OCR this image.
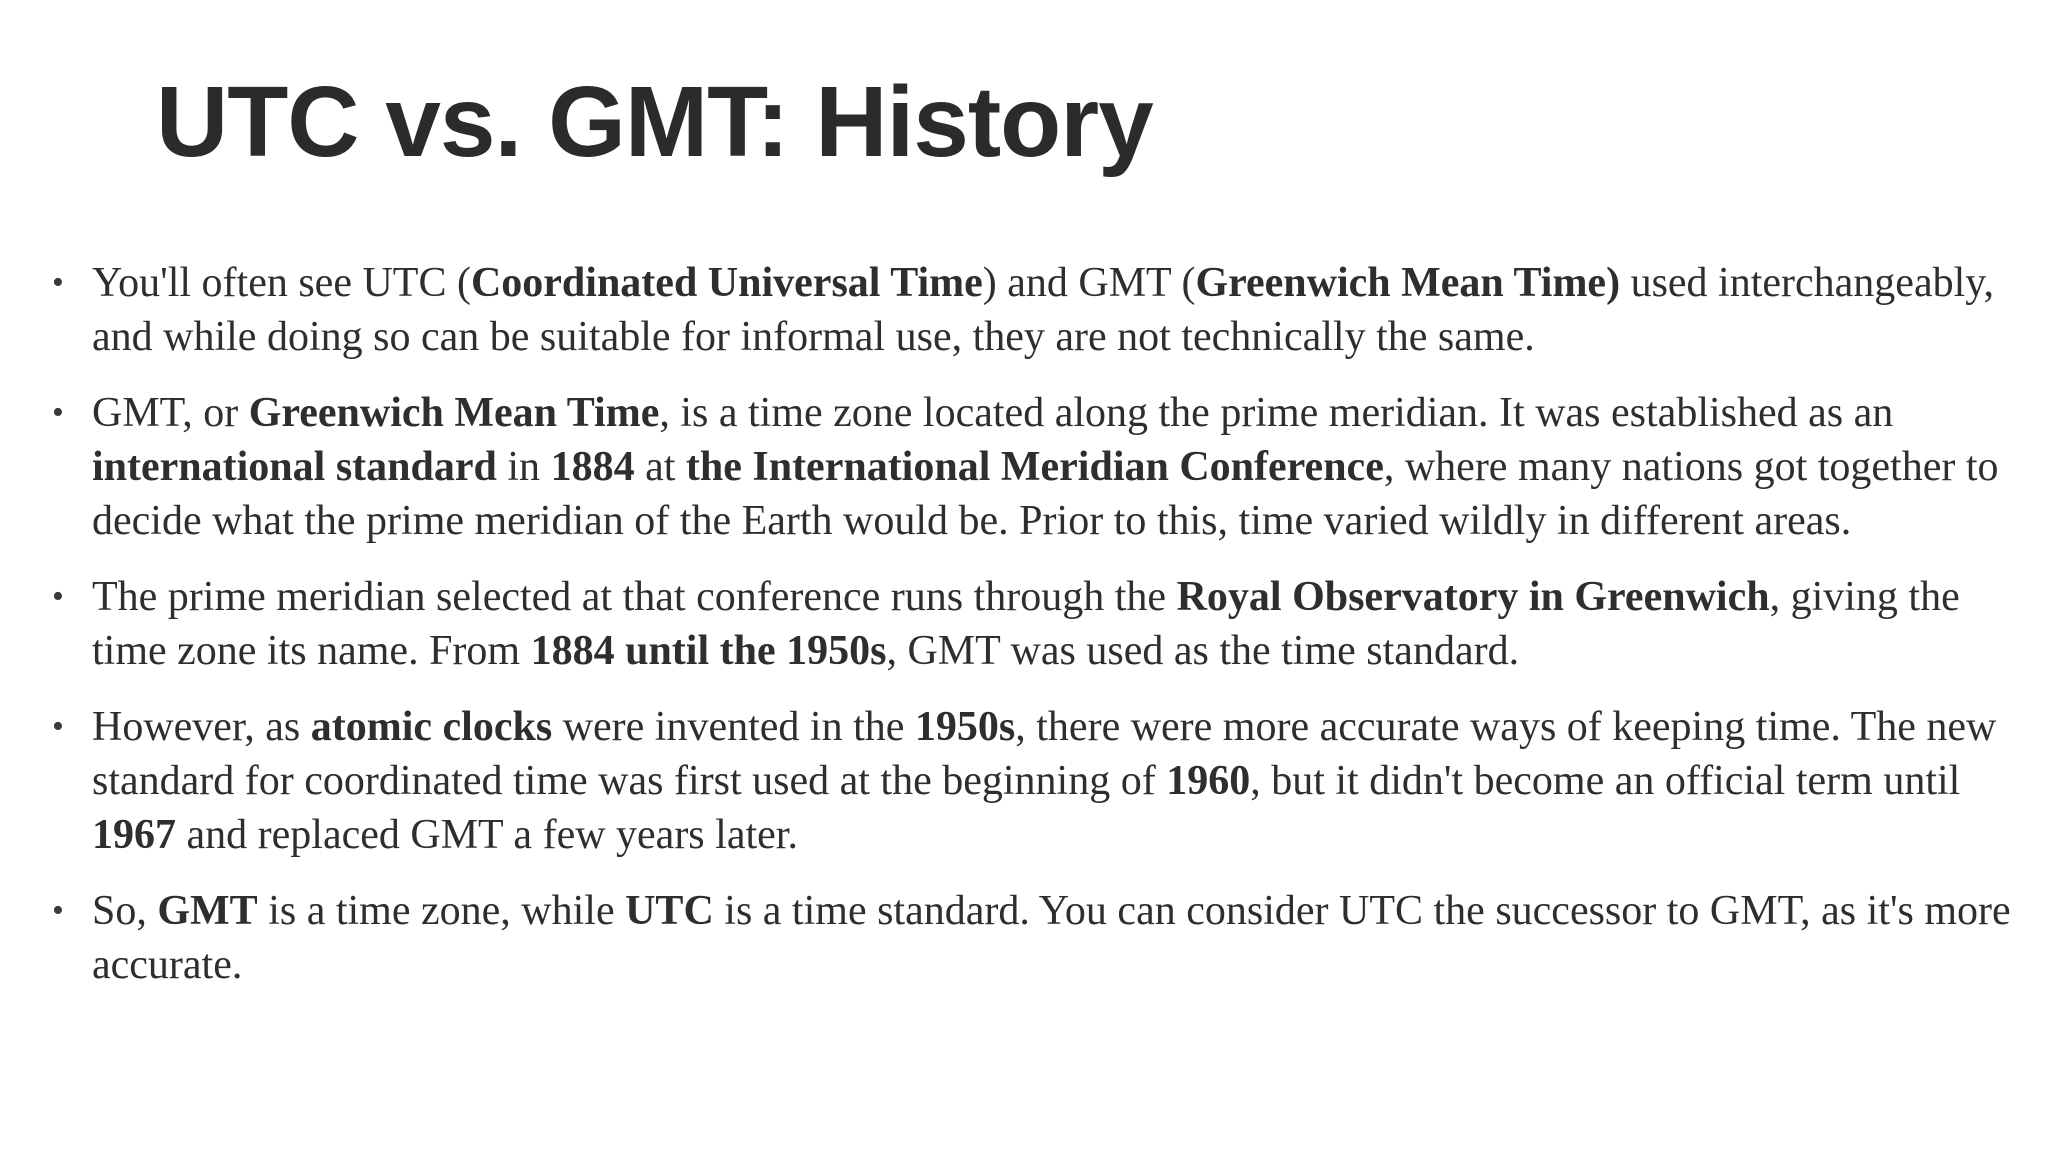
UTC vs. GMT: History
• You'll often see UTC (Coordinated Universal Time) and GMT (Greenwich Mean Time) used interchangeably, and while doing so can be suitable for informal use, they are not technically the same.
• GMT, or Greenwich Mean Time, is a time zone located along the prime meridian. It was established as an international standard in 1884 at the International Meridian Conference, where many nations got together to decide what the prime meridian of the Earth would be. Prior to this, time varied wildly in different areas.
• The prime meridian selected at that conference runs through the Royal Observatory in Greenwich, giving the time zone its name. From 1884 until the 1950s, GMT was used as the time standard.
• However, as atomic clocks were invented in the 1950s, there were more accurate ways of keeping time. The new standard for coordinated time was first used at the beginning of 1960, but it didn't become an official term until 1967 and replaced GMT a few years later.
• So, GMT is a time zone, while UTC is a time standard. You can consider UTC the successor to GMT, as it's more accurate.
